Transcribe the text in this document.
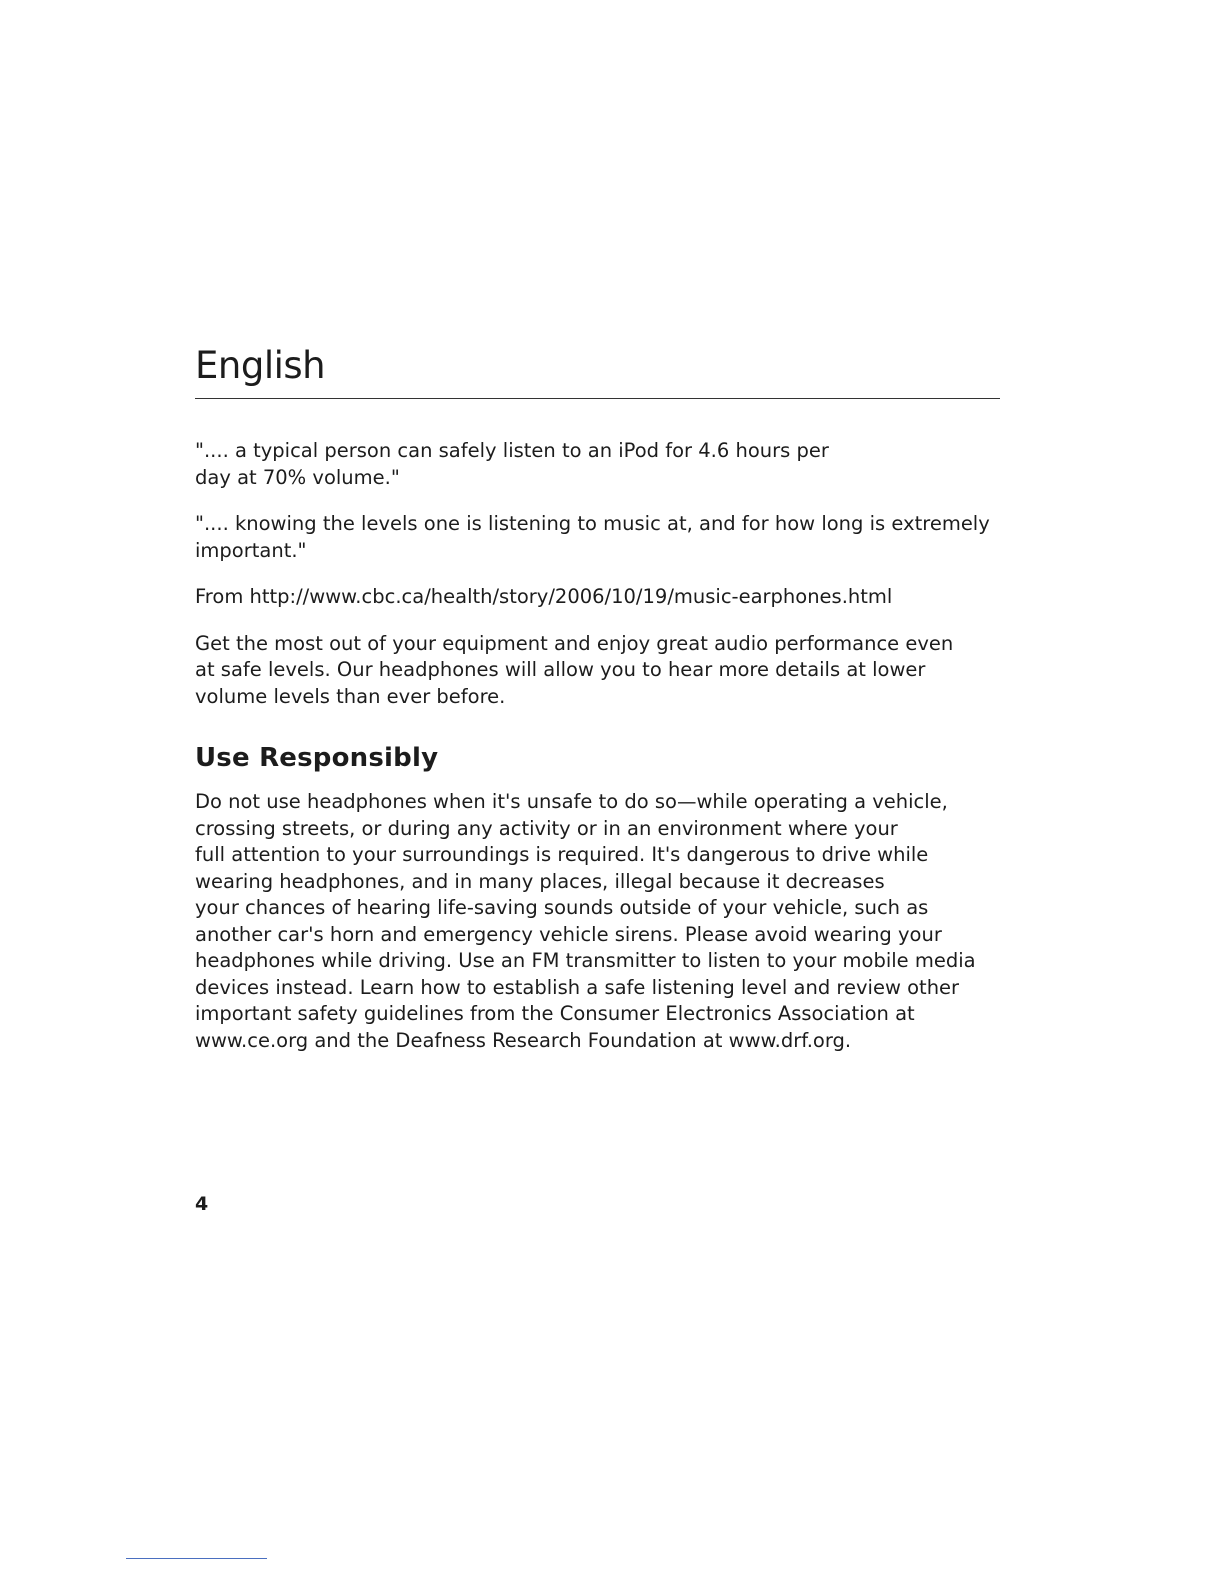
English

".... a typical person can safely listen to an iPod for 4.6 hours per
day at 70% volume."

".... knowing the levels one is listening to music at, and for how long is extremely
important."

From http://www.cbc.ca/health/story/2006/10/19/music-earphones.html

Get the most out of your equipment and enjoy great audio performance even
at safe levels. Our headphones will allow you to hear more details at lower
volume levels than ever before.

Use Responsibly

Do not use headphones when it's unsafe to do so—while operating a vehicle,
crossing streets, or during any activity or in an environment where your
full attention to your surroundings is required. It's dangerous to drive while
wearing headphones, and in many places, illegal because it decreases
your chances of hearing life-saving sounds outside of your vehicle, such as
another car's horn and emergency vehicle sirens. Please avoid wearing your
headphones while driving. Use an FM transmitter to listen to your mobile media
devices instead. Learn how to establish a safe listening level and review other
important safety guidelines from the Consumer Electronics Association at
www.ce.org and the Deafness Research Foundation at www.drf.org.

4
